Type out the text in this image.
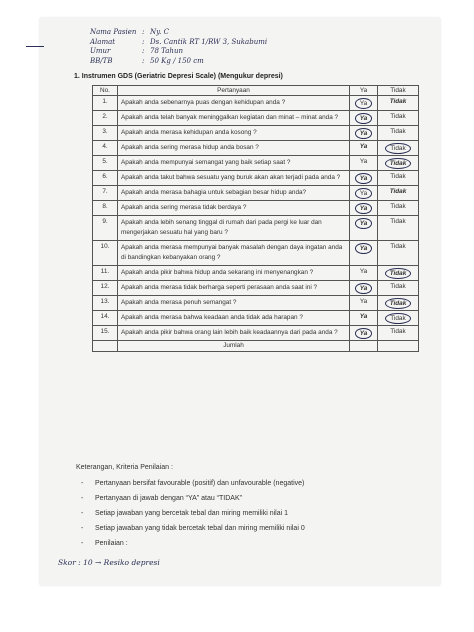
Nama Pasien : Ny. C
Alamat	: Ds. Cantik RT 1/RW 3, Sukabumi
Umur	: 78 Tahun
BB/TB	: 50 Kg / 150 cm
1. Instrumen GDS (Geriatric Depresi Scale) (Mengukur depresi)
No.	Pertanyaan	Ya	Tidak
1.	Apakah anda sebenarnya puas dengan kehidupan anda ?	Ya	Tidak
2.	Apakah anda telah banyak meninggalkan kegiatan dan minat – minat anda ?	Ya	Tidak
3.	Apakah anda merasa kehidupan anda kosong ?	Ya	Tidak
4.	Apakah anda sering merasa hidup anda bosan ?	Ya	Tidak
5.	Apakah anda mempunyai semangat yang baik setiap saat ?	Ya	Tidak
6.	Apakah anda takut bahwa sesuatu yang buruk akan akan terjadi pada anda ?	Ya	Tidak
7.	Apakah anda merasa bahagia untuk sebagian besar hidup anda?	Ya	Tidak
8.	Apakah anda sering merasa tidak berdaya ?	Ya	Tidak
9.	Apakah anda lebih senang tinggal di rumah dari pada pergi ke luar dan mengerjakan sesuatu hal yang baru ?	Ya	Tidak
10.	Apakah anda merasa mempunyai banyak masalah dengan daya ingatan anda di bandingkan kebanyakan orang ?	Ya	Tidak
11.	Apakah anda pikir bahwa hidup anda sekarang ini menyenangkan ?	Ya	Tidak
12.	Apakah anda merasa tidak berharga seperti perasaan anda saat ini ?	Ya	Tidak
13.	Apakah anda merasa penuh semangat ?	Ya	Tidak
14.	Apakah anda merasa bahwa keadaan anda tidak ada harapan ?	Ya	Tidak
15.	Apakah anda pikir bahwa orang lain lebih baik keadaannya dari pada anda ?	Ya	Tidak
	Jumlah		
Keterangan, Kriteria Penilaian :
-	Pertanyaan bersifat favourable (positif) dan unfavourable (negative)
-	Pertanyaan di jawab dengan “YA” atau “TIDAK”
-	Setiap jawaban yang bercetak tebal dan miring memiliki nilai 1
-	Setiap jawaban yang tidak bercetak tebal dan miring memiliki nilai 0
-	Penilaian :
Skor : 10 → Resiko depresi
